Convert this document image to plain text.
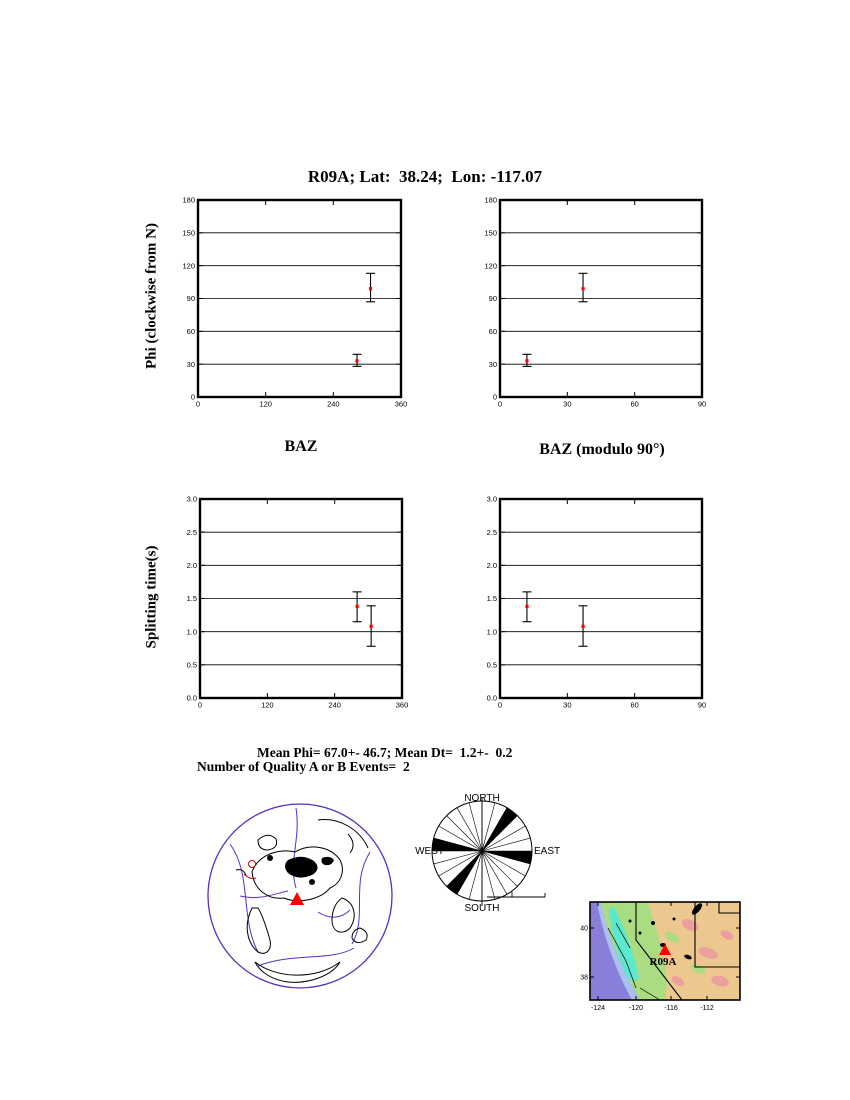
R09A; Lat:  38.24;  Lon: -117.07
Phi (clockwise from N)
Splitting time(s)
BAZ	BAZ (modulo 90°)
0
30
60
90
120
150
180
0	120	240	360
0
30
60
90
120
150
180
0	30	60	90
0.0
0.5
1.0
1.5
2.0
2.5
3.0
0	120	240	360
0.0
0.5
1.0
1.5
2.0
2.5
3.0
0	30	60	90
Mean Phi= 67.0+- 46.7; Mean Dt=  1.2+-  0.2
Number of Quality A or B Events=  2
NORTH
SOUTH
WEST	EAST
-124	-120	-116	-112
40
38
R09A
